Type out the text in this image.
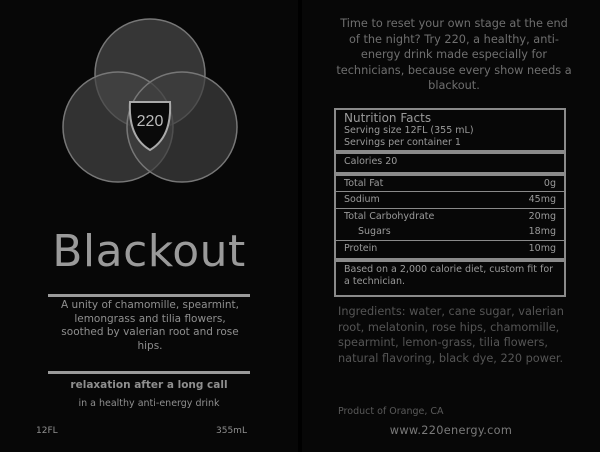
220
Blackout
A unity of chamomille, spearmint, lemongrass and tilia flowers, soothed by valerian root and rose hips.
relaxation after a long call
in a healthy anti-energy drink
12FL	355mL
Time to reset your own stage at the end of the night? Try 220, a healthy, anti-energy drink made especially for technicians, because every show needs a blackout.
Nutrition Facts
Serving size 12FL (355 mL)
Servings per container 1
Calories 20
Total Fat	0g
Sodium	45mg
Total Carbohydrate	20mg
Sugars	18mg
Protein	10mg
Based on a 2,000 calorie diet, custom fit for a technician.
Ingredients: water, cane sugar, valerian root, melatonin, rose hips, chamomille, spearmint, lemon-grass, tilia flowers, natural flavoring, black dye, 220 power.
Product of Orange, CA
www.220energy.com
